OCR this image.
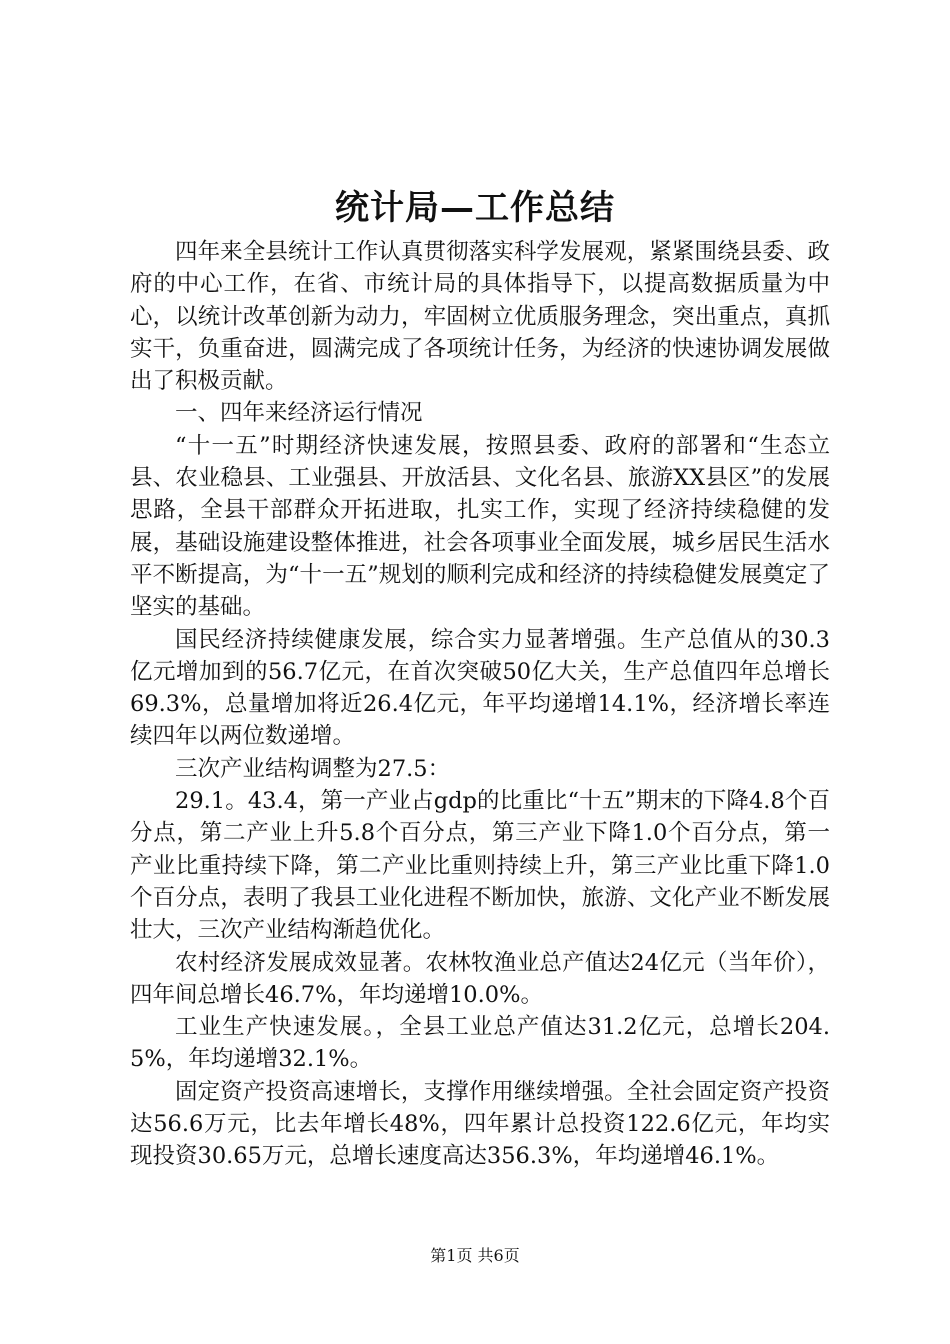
统计局—工作总结

四年来全县统计工作认真贯彻落实科学发展观，紧紧围绕县委、政府的中心工作，在省、市统计局的具体指导下，以提高数据质量为中心，以统计改革创新为动力，牢固树立优质服务理念，突出重点，真抓实干，负重奋进，圆满完成了各项统计任务，为经济的快速协调发展做出了积极贡献。

一、四年来经济运行情况

“十一五”时期经济快速发展，按照县委、政府的部署和“生态立县、农业稳县、工业强县、开放活县、文化名县、旅游XX县区”的发展思路，全县干部群众开拓进取，扎实工作，实现了经济持续稳健的发展，基础设施建设整体推进，社会各项事业全面发展，城乡居民生活水平不断提高，为“十一五”规划的顺利完成和经济的持续稳健发展奠定了坚实的基础。

国民经济持续健康发展，综合实力显著增强。生产总值从的30.3亿元增加到的56.7亿元，在首次突破50亿大关，生产总值四年总增长69.3%，总量增加将近26.4亿元，年平均递增14.1%，经济增长率连续四年以两位数递增。

三次产业结构调整为27.5：

29.1。43.4，第一产业占gdp的比重比“十五”期末的下降4.8个百分点，第二产业上升5.8个百分点，第三产业下降1.0个百分点，第一产业比重持续下降，第二产业比重则持续上升，第三产业比重下降1.0个百分点，表明了我县工业化进程不断加快，旅游、文化产业不断发展壮大，三次产业结构渐趋优化。

农村经济发展成效显著。农林牧渔业总产值达24亿元（当年价），四年间总增长46.7%，年均递增10.0%。

工业生产快速发展。，全县工业总产值达31.2亿元，总增长204.5%，年均递增32.1%。

固定资产投资高速增长，支撑作用继续增强。全社会固定资产投资达56.6万元，比去年增长48%，四年累计总投资122.6亿元，年均实现投资30.65万元，总增长速度高达356.3%，年均递增46.1%。

第1页 共6页
